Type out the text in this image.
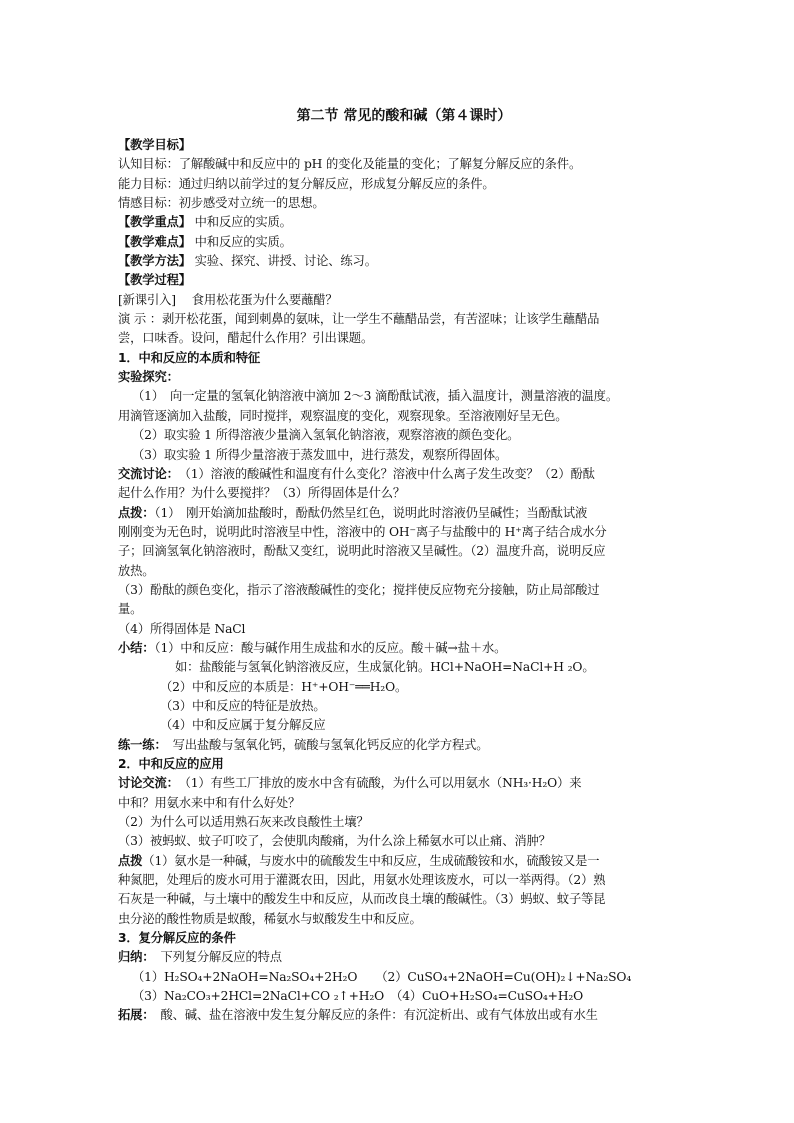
第二节 常见的酸和碱（第４课时）
【教学目标】
认知目标：了解酸碱中和反应中的 pH 的变化及能量的变化；了解复分解反应的条件。
能力目标：通过归纳以前学过的复分解反应，形成复分解反应的条件。
情感目标：初步感受对立统一的思想。
【教学重点】 中和反应的实质。
【教学难点】 中和反应的实质。
【教学方法】 实验、探究、讲授、讨论、练习。
【教学过程】
[新课引入]　 食用松花蛋为什么要蘸醋？
演 示 ：剥开松花蛋，闻到刺鼻的氨味，让一学生不蘸醋品尝，有苦涩味；让该学生蘸醋品
尝，口味香。设问，醋起什么作用？引出课题。
1．中和反应的本质和特征
实验探究：
（1）　向一定量的氢氧化钠溶液中滴加 2～3 滴酚酞试液，插入温度计，测量溶液的温度。
用滴管逐滴加入盐酸，同时搅拌，观察温度的变化，观察现象。至溶液刚好呈无色。
（2）取实验 1 所得溶液少量滴入氢氧化钠溶液，观察溶液的颜色变化。
（3）取实验 1 所得少量溶液于蒸发皿中，进行蒸发，观察所得固体。
交流讨论：　（1）溶液的酸碱性和温度有什么变化？溶液中什么离子发生改变？（2）酚酞
起什么作用？为什么要搅拌？（3）所得固体是什么？
点拨：（1）　刚开始滴加盐酸时，酚酞仍然呈红色，说明此时溶液仍呈碱性；当酚酞试液
刚刚变为无色时，说明此时溶液呈中性，溶液中的 OH⁻离子与盐酸中的 H⁺离子结合成水分
子；回滴氢氧化钠溶液时，酚酞又变红，说明此时溶液又呈碱性。（2）温度升高，说明反应
放热。
（3）酚酞的颜色变化，指示了溶液酸碱性的变化；搅拌使反应物充分接触，防止局部酸过
量。
（4）所得固体是 NaCl
小结：（1）中和反应：酸与碱作用生成盐和水的反应。酸＋碱→盐＋水。
如：盐酸能与氢氧化钠溶液反应，生成氯化钠。HCl+NaOH=NaCl+H ₂O。
（2）中和反应的本质是：H⁺+OH⁻══H₂O。
（3）中和反应的特征是放热。
（4）中和反应属于复分解反应
练一练：　写出盐酸与氢氧化钙，硫酸与氢氧化钙反应的化学方程式。
2．中和反应的应用
讨论交流：　（1）有些工厂排放的废水中含有硫酸，为什么可以用氨水（NH₃·H₂O）来
中和？用氨水来中和有什么好处？
（2）为什么可以适用熟石灰来改良酸性土壤？
（3）被蚂蚁、蚊子叮咬了，会使肌肉酸痛，为什么涂上稀氨水可以止痛、消肿？
点拨（1）氨水是一种碱，与废水中的硫酸发生中和反应，生成硫酸铵和水，硫酸铵又是一
种氮肥，处理后的废水可用于灌溉农田，因此，用氨水处理该废水，可以一举两得。（2）熟
石灰是一种碱，与土壤中的酸发生中和反应，从而改良土壤的酸碱性。（3）蚂蚁、蚊子等昆
虫分泌的酸性物质是蚁酸，稀氨水与蚁酸发生中和反应。
3．复分解反应的条件
归纳：　下列复分解反应的特点
（1）H₂SO₄+2NaOH=Na₂SO₄+2H₂O　　（2）CuSO₄+2NaOH=Cu(OH)₂↓+Na₂SO₄
（3）Na₂CO₃+2HCl=2NaCl+CO ₂↑+H₂O　（4）CuO+H₂SO₄=CuSO₄+H₂O
拓展：　酸、碱、盐在溶液中发生复分解反应的条件：有沉淀析出、或有气体放出或有水生
